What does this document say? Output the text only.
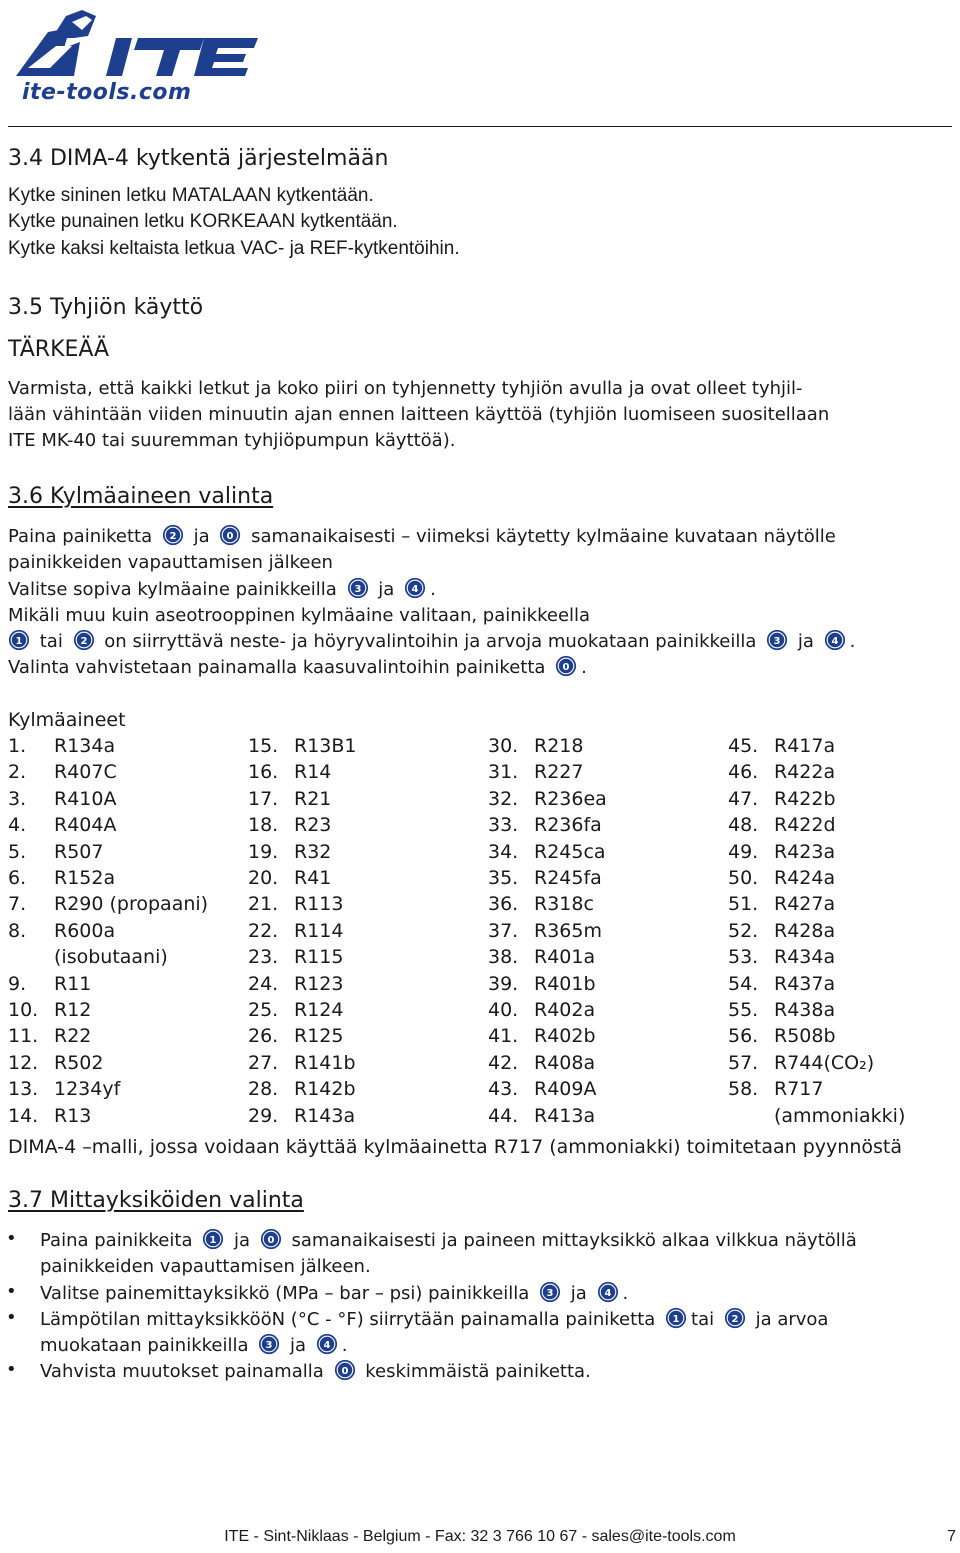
ite-tools.com
3.4 DIMA-4 kytkentä järjestelmään
Kytke sininen letku MATALAAN kytkentään.
Kytke punainen letku KORKEAAN kytkentään.
Kytke kaksi keltaista letkua VAC- ja REF-kytkentöihin.
3.5 Tyhjiön käyttö
TÄRKEÄÄ
Varmista, että kaikki letkut ja koko piiri on tyhjennetty tyhjiön avulla ja ovat olleet tyhjil-
lään vähintään viiden minuutin ajan ennen laitteen käyttöä (tyhjiön luomiseen suositellaan
ITE MK-40 tai suuremman tyhjiöpumpun käyttöä).
3.6 Kylmäaineen valinta
Paina painiketta 2 ja 0 samanaikaisesti – viimeksi käytetty kylmäaine kuvataan näytölle
painikkeiden vapauttamisen jälkeen
Valitse sopiva kylmäaine painikkeilla 3 ja 4 .
Mikäli muu kuin aseotrooppinen kylmäaine valitaan, painikkeella
1 tai 2 on siirryttävä neste- ja höyryvalintoihin ja arvoja muokataan painikkeilla 3 ja 4 .
Valinta vahvistetaan painamalla kaasuvalintoihin painiketta 0 .
Kylmäaineet
1.	R134a
2.	R407C
3.	R410A
4.	R404A
5.	R507
6.	R152a
7.	R290 (propaani)
8.	R600a
(isobutaani)
9.	R11
10. R12
11. R22
12. R502
13. 1234yf
14. R13
15. R13B1
16. R14
17. R21
18. R23
19. R32
20. R41
21. R113
22. R114
23. R115
24. R123
25. R124
26. R125
27. R141b
28. R142b
29. R143a
30. R218
31. R227
32. R236ea
33. R236fa
34. R245ca
35. R245fa
36. R318c
37. R365m
38. R401a
39. R401b
40. R402a
41. R402b
42. R408a
43. R409A
44. R413a
45. R417a
46. R422a
47. R422b
48. R422d
49. R423a
50. R424a
51. R427a
52. R428a
53. R434a
54. R437a
55. R438a
56. R508b
57. R744(CO₂)
58. R717
(ammoniakki)
DIMA-4 –malli, jossa voidaan käyttää kylmäainetta R717 (ammoniakki) toimitetaan pyynnöstä
3.7 Mittayksiköiden valinta
• Paina painikkeita 1 ja 0 samanaikaisesti ja paineen mittayksikkö alkaa vilkkua näytöllä
painikkeiden vapauttamisen jälkeen.
• Valitse painemittayksikkö (MPa – bar – psi) painikkeilla 3 ja 4 .
• Lämpötilan mittayksikkööN (°C - °F) siirrytään painamalla painiketta 1 tai 2 ja arvoa
muokataan painikkeilla 3 ja 4 .
• Vahvista muutokset painamalla 0 keskimmäistä painiketta.
ITE - Sint-Niklaas - Belgium - Fax: 32 3 766 10 67 - sales@ite-tools.com	7
